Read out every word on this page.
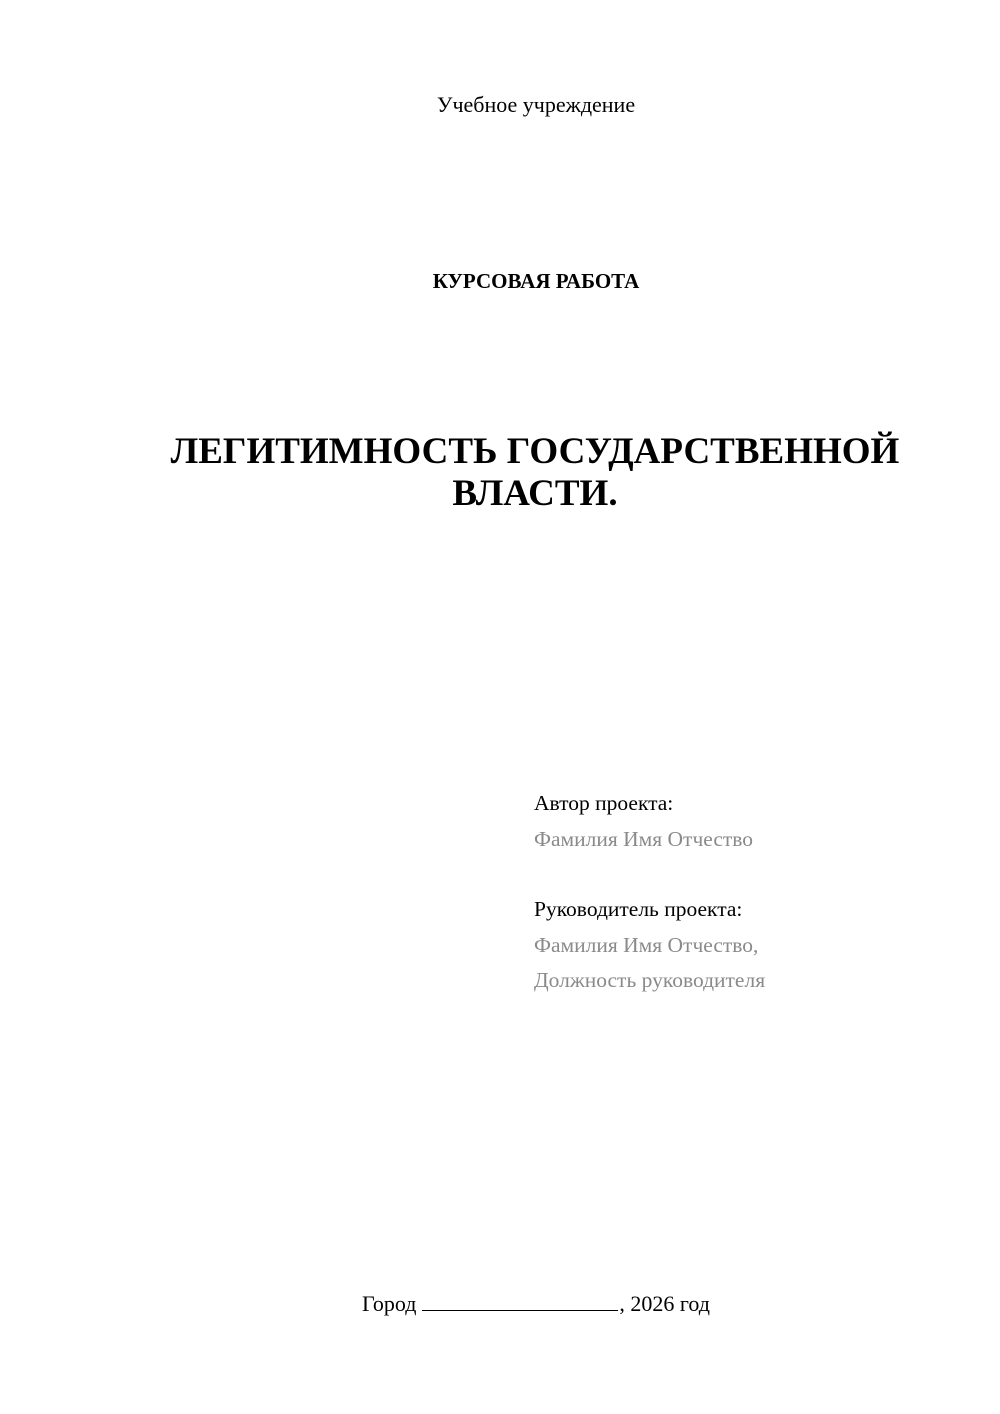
Учебное учреждение
КУРСОВАЯ РАБОТА
ЛЕГИТИМНОСТЬ ГОСУДАРСТВЕННОЙ ВЛАСТИ.
Автор проекта:
Фамилия Имя Отчество
Руководитель проекта:
Фамилия Имя Отчество,
Должность руководителя
Город	, 2026 год
